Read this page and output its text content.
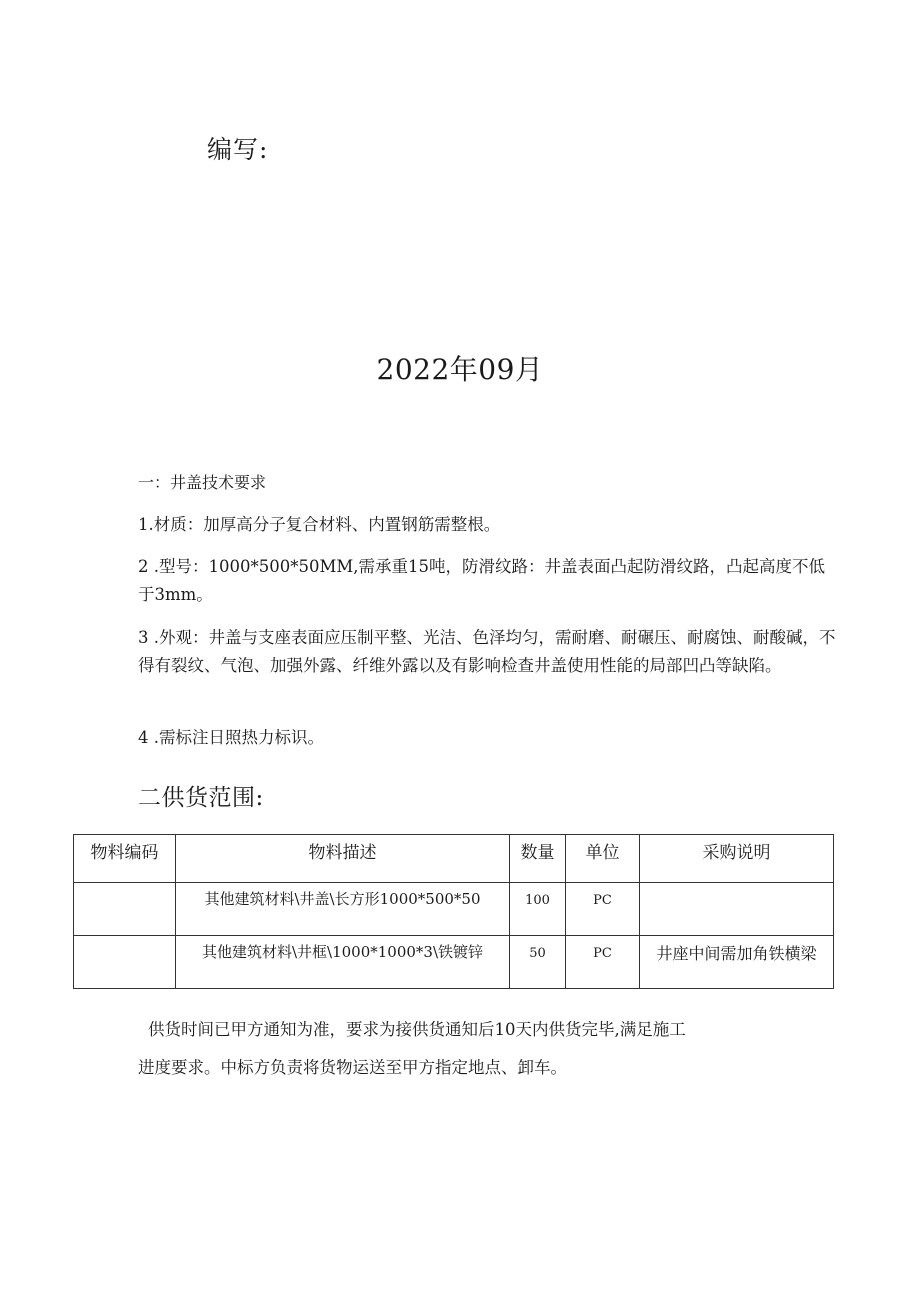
编写:
2022年09月
一：井盖技术要求
1.材质：加厚高分子复合材料、内置钢筋需整根。
2 .型号：1000*500*50MM,需承重15吨，防滑纹路：井盖表面凸起防滑纹路，凸起高度不低于3mm。
3 .外观：井盖与支座表面应压制平整、光洁、色泽均匀，需耐磨、耐碾压、耐腐蚀、耐酸碱，不得有裂纹、气泡、加强外露、纤维外露以及有影响检查井盖使用性能的局部凹凸等缺陷。
4 .需标注日照热力标识。
二供货范围:
物料编码	物料描述	数量	单位	采购说明
	其他建筑材料\井盖\长方形1000*500*50	100	PC	
	其他建筑材料\井框\1000*1000*3\铁镀锌	50	PC	井座中间需加角铁横梁
供货时间已甲方通知为准，要求为接供货通知后10天内供货完毕,满足施工
进度要求。中标方负责将货物运送至甲方指定地点、卸车。
